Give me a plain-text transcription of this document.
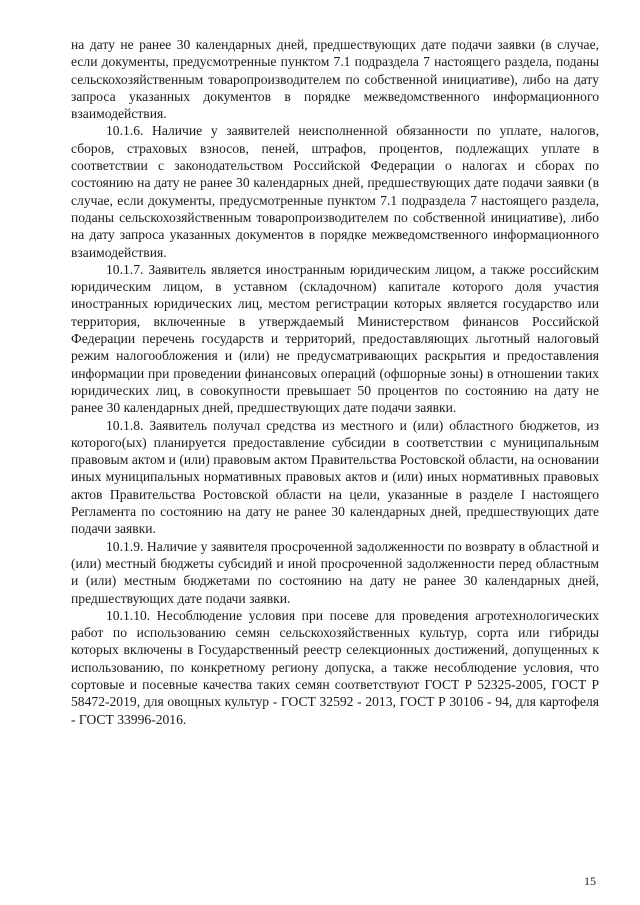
на дату не ранее 30 календарных дней, предшествующих дате подачи заявки (в случае, если документы, предусмотренные пунктом 7.1 подраздела 7 настоящего раздела, поданы сельскохозяйственным товаропроизводителем по собственной инициативе), либо на дату запроса указанных документов в порядке межведомственного информационного взаимодействия.

10.1.6. Наличие у заявителей неисполненной обязанности по уплате, налогов, сборов, страховых взносов, пеней, штрафов, процентов, подлежащих уплате в соответствии с законодательством Российской Федерации о налогах и сборах по состоянию на дату не ранее 30 календарных дней, предшествующих дате подачи заявки (в случае, если документы, предусмотренные пунктом 7.1 подраздела 7 настоящего раздела, поданы сельскохозяйственным товаропроизводителем по собственной инициативе), либо на дату запроса указанных документов в порядке межведомственного информационного взаимодействия.

10.1.7. Заявитель является иностранным юридическим лицом, а также российским юридическим лицом, в уставном (складочном) капитале которого доля участия иностранных юридических лиц, местом регистрации которых является государство или территория, включенные в утверждаемый Министерством финансов Российской Федерации перечень государств и территорий, предоставляющих льготный налоговый режим налогообложения и (или) не предусматривающих раскрытия и предоставления информации при проведении финансовых операций (офшорные зоны) в отношении таких юридических лиц, в совокупности превышает 50 процентов по состоянию на дату не ранее 30 календарных дней, предшествующих дате подачи заявки.

10.1.8. Заявитель получал средства из местного и (или) областного бюджетов, из которого(ых) планируется предоставление субсидии в соответствии с муниципальным правовым актом и (или) правовым актом Правительства Ростовской области, на основании иных муниципальных нормативных правовых актов и (или) иных нормативных правовых актов Правительства Ростовской области на цели, указанные в разделе I настоящего Регламента по состоянию на дату не ранее 30 календарных дней, предшествующих дате подачи заявки.

10.1.9. Наличие у заявителя просроченной задолженности по возврату в областной и (или) местный бюджеты субсидий и иной просроченной задолженности перед областным и (или) местным бюджетами по состоянию на дату не ранее 30 календарных дней, предшествующих дате подачи заявки.

10.1.10. Несоблюдение условия при посеве для проведения агротехнологических работ по использованию семян сельскохозяйственных культур, сорта или гибриды которых включены в Государственный реестр селекционных достижений, допущенных к использованию, по конкретному региону допуска, а также несоблюдение условия, что сортовые и посевные качества таких семян соответствуют ГОСТ Р 52325-2005, ГОСТ Р 58472-2019, для овощных культур - ГОСТ 32592 - 2013, ГОСТ Р 30106 - 94, для картофеля - ГОСТ 33996-2016.

15
